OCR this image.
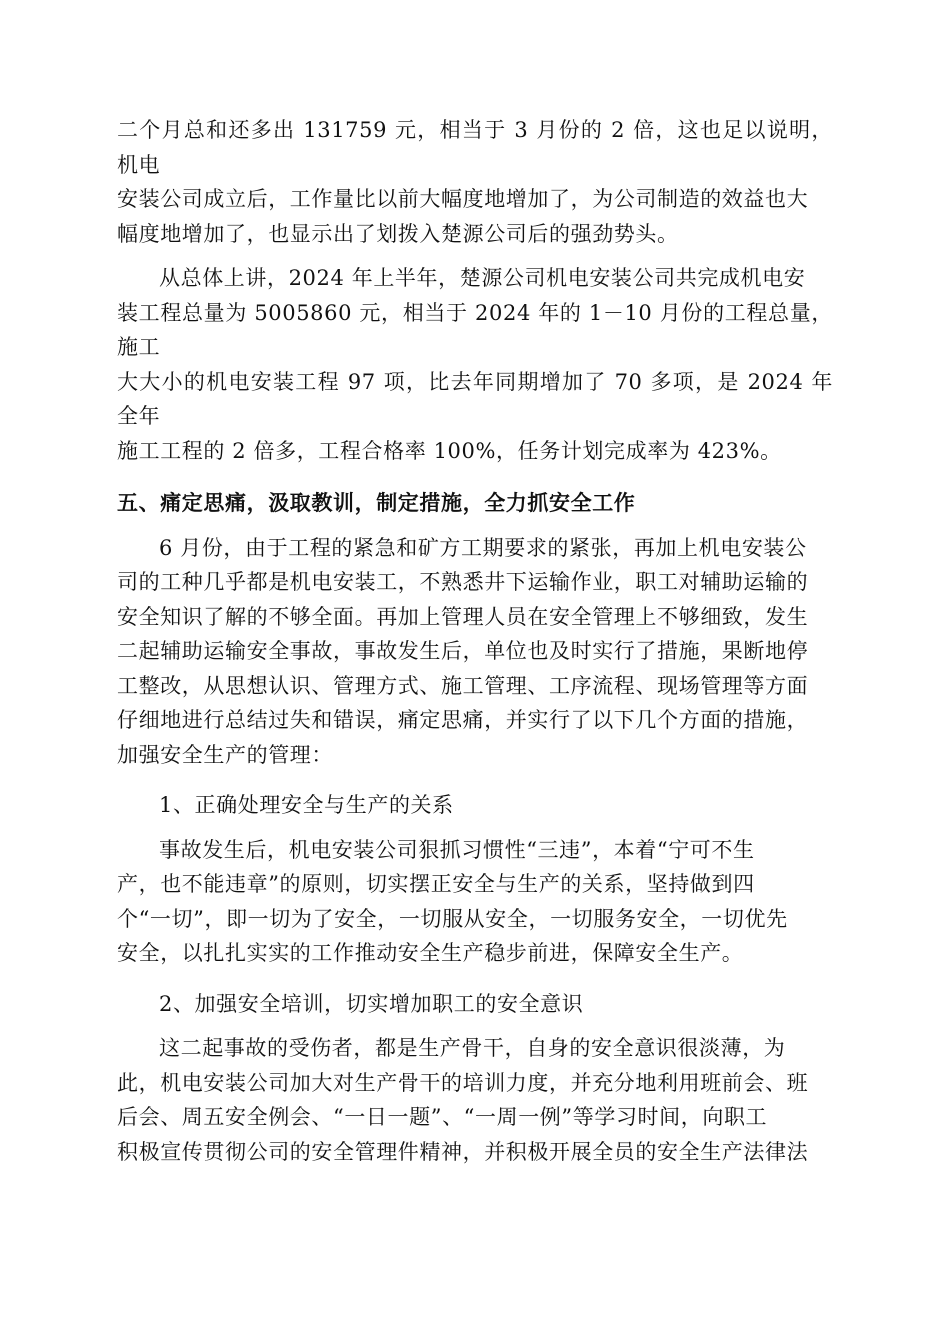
二个月总和还多出 131759 元，相当于 3 月份的 2 倍，这也足以说明，机电
安装公司成立后，工作量比以前大幅度地增加了，为公司制造的效益也大
幅度地增加了，也显示出了划拨入楚源公司后的强劲势头。

从总体上讲，2024 年上半年，楚源公司机电安装公司共完成机电安
装工程总量为 5005860 元，相当于 2024 年的 1－10 月份的工程总量，施工
大大小的机电安装工程 97 项，比去年同期增加了 70 多项，是 2024 年全年
施工工程的 2 倍多，工程合格率 100%，任务计划完成率为 423%。

五、痛定思痛，汲取教训，制定措施，全力抓安全工作

6 月份，由于工程的紧急和矿方工期要求的紧张，再加上机电安装公
司的工种几乎都是机电安装工，不熟悉井下运输作业，职工对辅助运输的
安全知识了解的不够全面。再加上管理人员在安全管理上不够细致，发生
二起辅助运输安全事故，事故发生后，单位也及时实行了措施，果断地停
工整改，从思想认识、管理方式、施工管理、工序流程、现场管理等方面
仔细地进行总结过失和错误，痛定思痛，并实行了以下几个方面的措施，
加强安全生产的管理：

1、正确处理安全与生产的关系

事故发生后，机电安装公司狠抓习惯性“三违”，本着“宁可不生
产，也不能违章”的原则，切实摆正安全与生产的关系，坚持做到四
个“一切”，即一切为了安全，一切服从安全，一切服务安全，一切优先
安全，以扎扎实实的工作推动安全生产稳步前进，保障安全生产。

2、加强安全培训，切实增加职工的安全意识

这二起事故的受伤者，都是生产骨干，自身的安全意识很淡薄，为
此，机电安装公司加大对生产骨干的培训力度，并充分地利用班前会、班
后会、周五安全例会、“一日一题”、“一周一例”等学习时间，向职工
积极宣传贯彻公司的安全管理件精神，并积极开展全员的安全生产法律法
